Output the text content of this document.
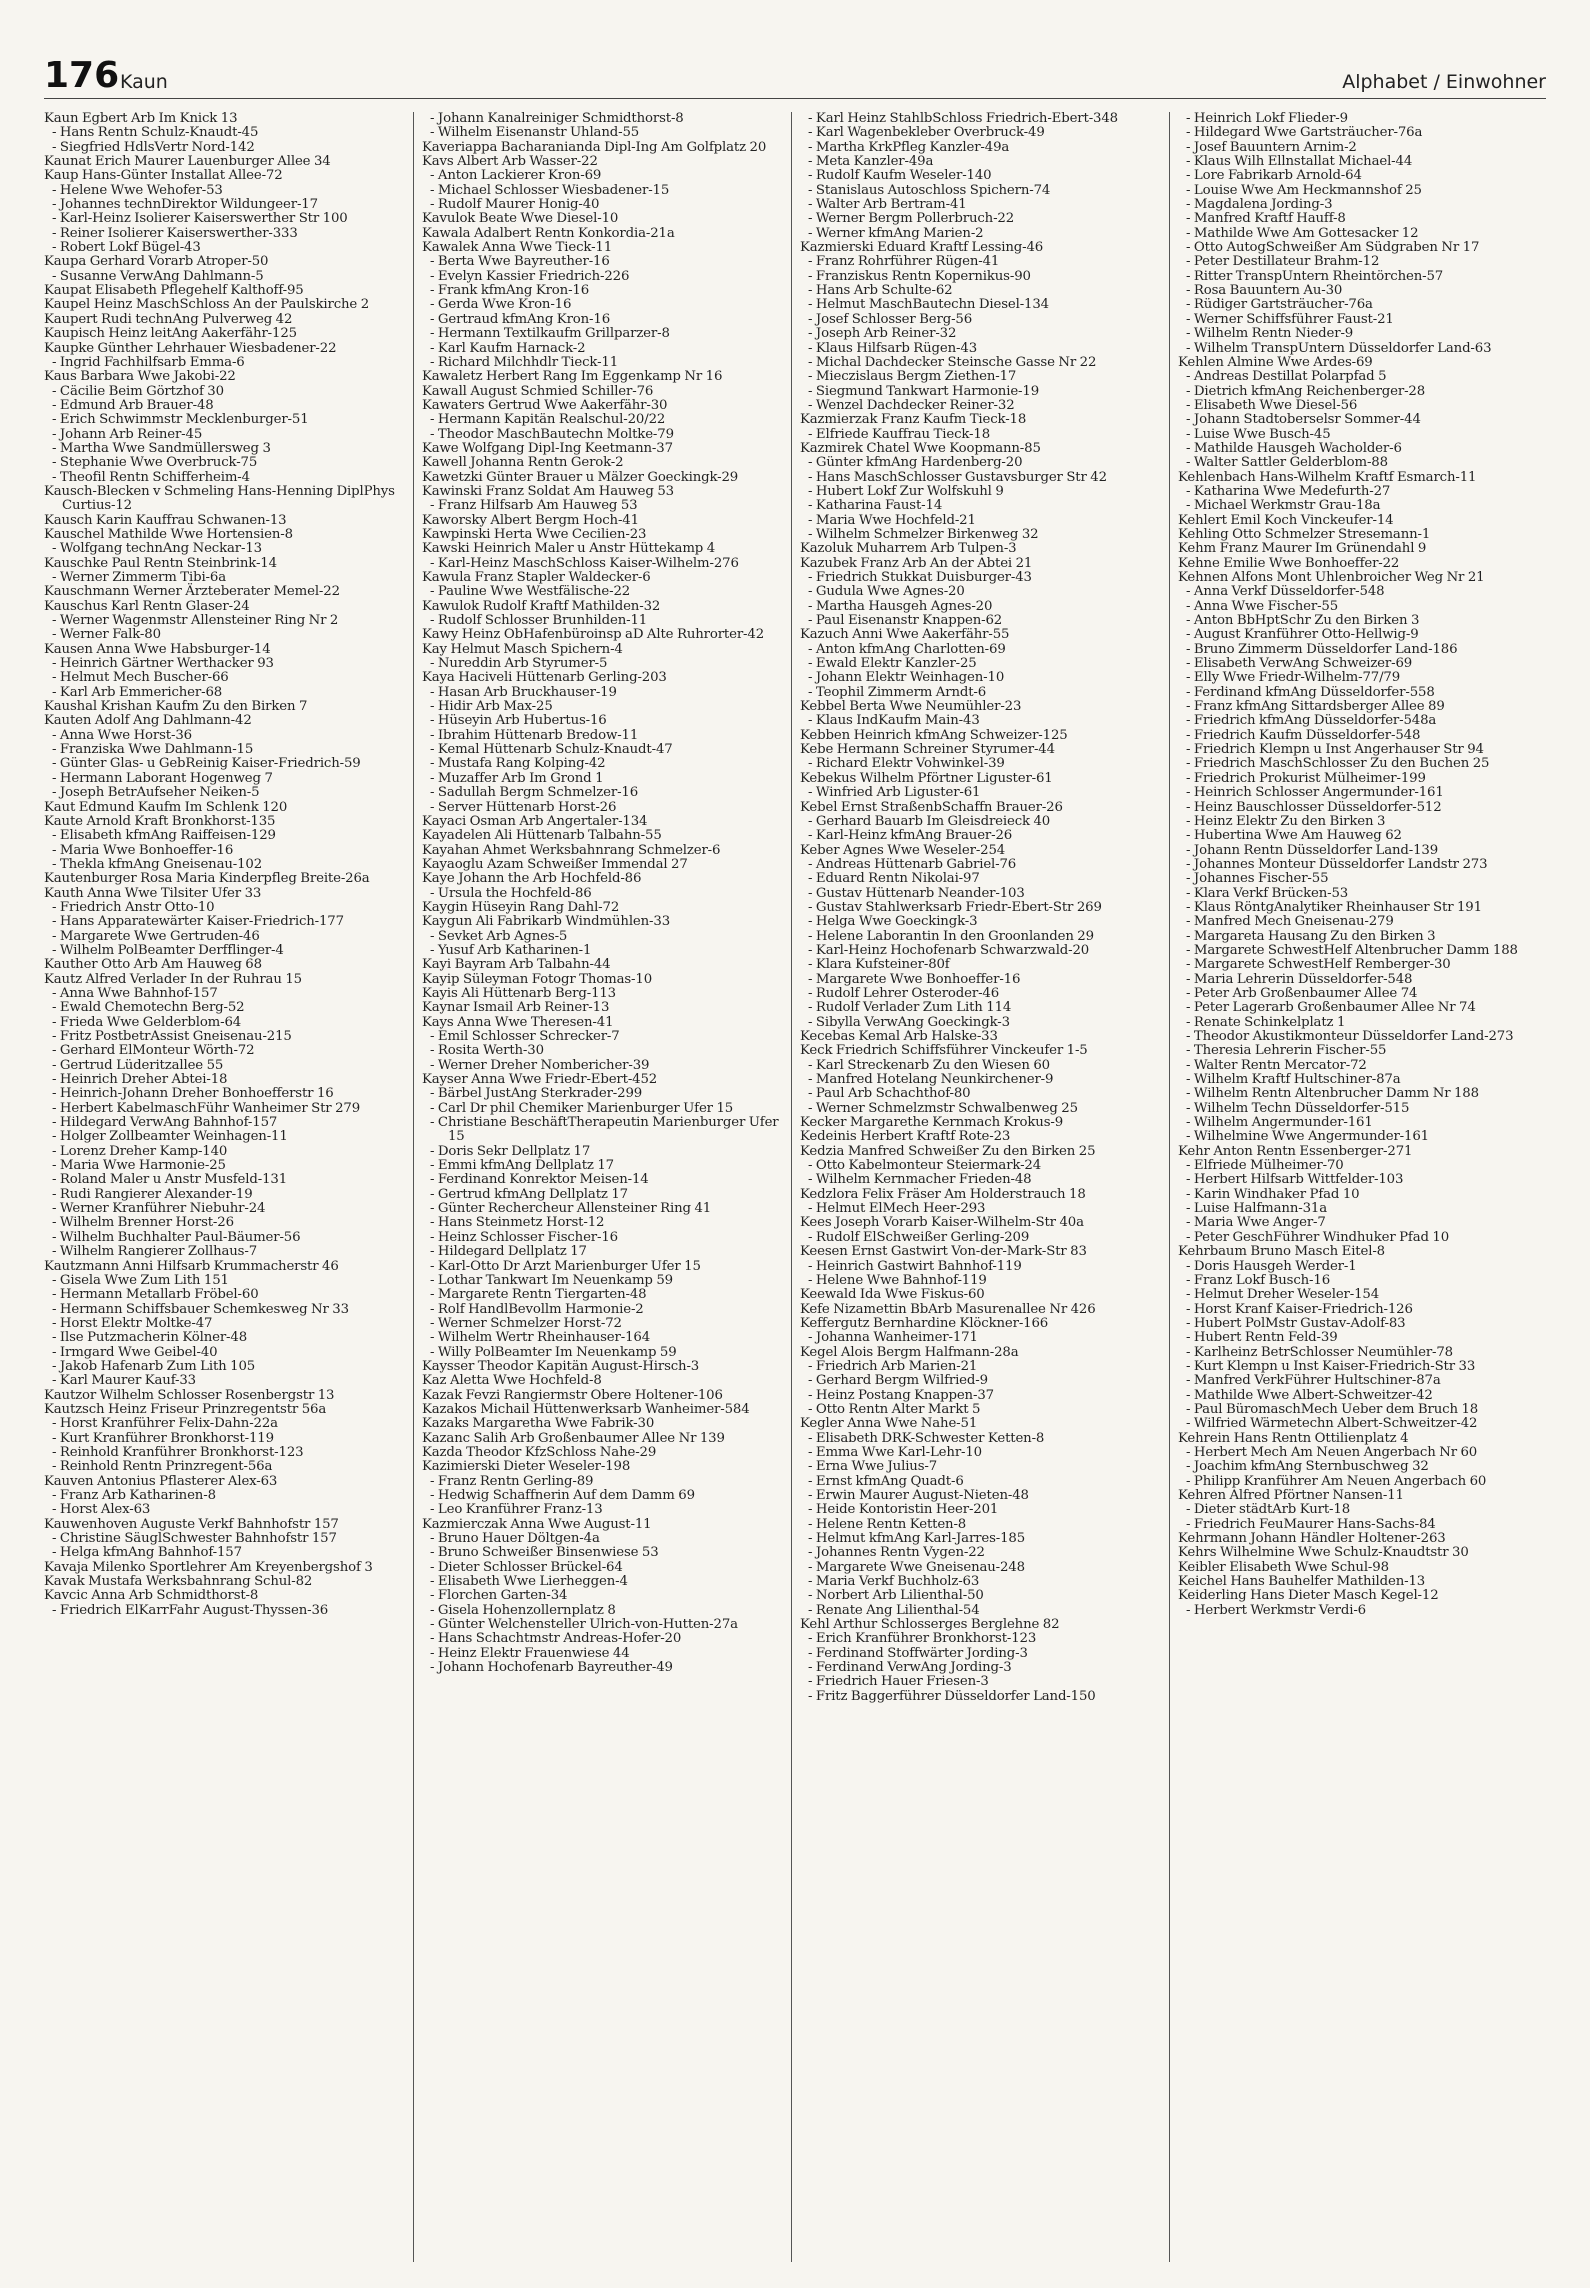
176 Kaun	Alphabet / Einwohner
Kaun Egbert Arb Im Knick 13
- Hans Rentn Schulz-Knaudt-45
- Siegfried HdlsVertr Nord-142
Kaunat Erich Maurer Lauenburger Allee 34
Kaup Hans-Günter Installat Allee-72
- Helene Wwe Wehofer-53
- Johannes technDirektor Wildungeer-17
- Karl-Heinz Isolierer Kaiserswerther Str 100
- Reiner Isolierer Kaiserswerther-333
- Robert Lokf Bügel-43
Kaupa Gerhard Vorarb Atroper-50
- Susanne VerwAng Dahlmann-5
Kaupat Elisabeth Pflegehelf Kalthoff-95
Kaupel Heinz MaschSchloss An der Paulskirche 2
Kaupert Rudi technAng Pulverweg 42
Kaupisch Heinz leitAng Aakerfähr-125
Kaupke Günther Lehrhauer Wiesbadener-22
- Ingrid Fachhilfsarb Emma-6
Kaus Barbara Wwe Jakobi-22
- Cäcilie Beim Görtzhof 30
- Edmund Arb Brauer-48
- Erich Schwimmstr Mecklenburger-51
- Johann Arb Reiner-45
- Martha Wwe Sandmüllersweg 3
- Stephanie Wwe Overbruck-75
- Theofil Rentn Schifferheim-4
Kausch-Blecken v Schmeling Hans-Henning DiplPhys Curtius-12
Kausch Karin Kauffrau Schwanen-13
Kauschel Mathilde Wwe Hortensien-8
- Wolfgang technAng Neckar-13
Kauschke Paul Rentn Steinbrink-14
- Werner Zimmerm Tibi-6a
Kauschmann Werner Ärzteberater Memel-22
Kauschus Karl Rentn Glaser-24
- Werner Wagenmstr Allensteiner Ring Nr 2
- Werner Falk-80
Kausen Anna Wwe Habsburger-14
- Heinrich Gärtner Werthacker 93
- Helmut Mech Buscher-66
- Karl Arb Emmericher-68
Kaushal Krishan Kaufm Zu den Birken 7
Kauten Adolf Ang Dahlmann-42
- Anna Wwe Horst-36
- Franziska Wwe Dahlmann-15
- Günter Glas- u GebReinig Kaiser-Friedrich-59
- Hermann Laborant Hogenweg 7
- Joseph BetrAufseher Neiken-5
Kaut Edmund Kaufm Im Schlenk 120
Kaute Arnold Kraft Bronkhorst-135
- Elisabeth kfmAng Raiffeisen-129
- Maria Wwe Bonhoeffer-16
- Thekla kfmAng Gneisenau-102
Kautenburger Rosa Maria Kinderpfleg Breite-26a
Kauth Anna Wwe Tilsiter Ufer 33
- Friedrich Anstr Otto-10
- Hans Apparatewärter Kaiser-Friedrich-177
- Margarete Wwe Gertruden-46
- Wilhelm PolBeamter Derfflinger-4
Kauther Otto Arb Am Hauweg 68
Kautz Alfred Verlader In der Ruhrau 15
- Anna Wwe Bahnhof-157
- Ewald Chemotechn Berg-52
- Frieda Wwe Gelderblom-64
- Fritz PostbetrAssist Gneisenau-215
- Gerhard ElMonteur Wörth-72
- Gertrud Lüderitzallee 55
- Heinrich Dreher Abtei-18
- Heinrich-Johann Dreher Bonhoefferstr 16
- Herbert KabelmaschFühr Wanheimer Str 279
- Hildegard VerwAng Bahnhof-157
- Holger Zollbeamter Weinhagen-11
- Lorenz Dreher Kamp-140
- Maria Wwe Harmonie-25
- Roland Maler u Anstr Musfeld-131
- Rudi Rangierer Alexander-19
- Werner Kranführer Niebuhr-24
- Wilhelm Brenner Horst-26
- Wilhelm Buchhalter Paul-Bäumer-56
- Wilhelm Rangierer Zollhaus-7
Kautzmann Anni Hilfsarb Krummacherstr 46
- Gisela Wwe Zum Lith 151
- Hermann Metallarb Fröbel-60
- Hermann Schiffsbauer Schemkesweg Nr 33
- Horst Elektr Moltke-47
- Ilse Putzmacherin Kölner-48
- Irmgard Wwe Geibel-40
- Jakob Hafenarb Zum Lith 105
- Karl Maurer Kauf-33
Kautzor Wilhelm Schlosser Rosenbergstr 13
Kautzsch Heinz Friseur Prinzregentstr 56a
- Horst Kranführer Felix-Dahn-22a
- Kurt Kranführer Bronkhorst-119
- Reinhold Kranführer Bronkhorst-123
- Reinhold Rentn Prinzregent-56a
Kauven Antonius Pflasterer Alex-63
- Franz Arb Katharinen-8
- Horst Alex-63
Kauwenhoven Auguste Verkf Bahnhofstr 157
- Christine SäuglSchwester Bahnhofstr 157
- Helga kfmAng Bahnhof-157
Kavaja Milenko Sportlehrer Am Kreyenbergshof 3
Kavak Mustafa Werksbahnrang Schul-82
Kavcic Anna Arb Schmidthorst-8
- Friedrich ElKarrFahr August-Thyssen-36
- Johann Kanalreiniger Schmidthorst-8
- Wilhelm Eisenanstr Uhland-55
Kaveriappa Bacharanianda Dipl-Ing Am Golfplatz 20
Kavs Albert Arb Wasser-22
- Anton Lackierer Kron-69
- Michael Schlosser Wiesbadener-15
- Rudolf Maurer Honig-40
Kavulok Beate Wwe Diesel-10
Kawala Adalbert Rentn Konkordia-21a
Kawalek Anna Wwe Tieck-11
- Berta Wwe Bayreuther-16
- Evelyn Kassier Friedrich-226
- Frank kfmAng Kron-16
- Gerda Wwe Kron-16
- Gertraud kfmAng Kron-16
- Hermann Textilkaufm Grillparzer-8
- Karl Kaufm Harnack-2
- Richard Milchhdlr Tieck-11
Kawaletz Herbert Rang Im Eggenkamp Nr 16
Kawall August Schmied Schiller-76
Kawaters Gertrud Wwe Aakerfähr-30
- Hermann Kapitän Realschul-20/22
- Theodor MaschBautechn Moltke-79
Kawe Wolfgang Dipl-Ing Keetmann-37
Kawell Johanna Rentn Gerok-2
Kawetzki Günter Brauer u Mälzer Goeckingk-29
Kawinski Franz Soldat Am Hauweg 53
- Franz Hilfsarb Am Hauweg 53
Kaworsky Albert Bergm Hoch-41
Kawpinski Herta Wwe Cecilien-23
Kawski Heinrich Maler u Anstr Hüttekamp 4
- Karl-Heinz MaschSchloss Kaiser-Wilhelm-276
Kawula Franz Stapler Waldecker-6
- Pauline Wwe Westfälische-22
Kawulok Rudolf Kraftf Mathilden-32
- Rudolf Schlosser Brunhilden-11
Kawy Heinz ObHafenbüroinsp aD Alte Ruhrorter-42
Kay Helmut Masch Spichern-4
- Nureddin Arb Styrumer-5
Kaya Haciveli Hüttenarb Gerling-203
- Hasan Arb Bruckhauser-19
- Hidir Arb Max-25
- Hüseyin Arb Hubertus-16
- Ibrahim Hüttenarb Bredow-11
- Kemal Hüttenarb Schulz-Knaudt-47
- Mustafa Rang Kolping-42
- Muzaffer Arb Im Grond 1
- Sadullah Bergm Schmelzer-16
- Server Hüttenarb Horst-26
Kayaci Osman Arb Angertaler-134
Kayadelen Ali Hüttenarb Talbahn-55
Kayahan Ahmet Werksbahnrang Schmelzer-6
Kayaoglu Azam Schweißer Immendal 27
Kaye Johann the Arb Hochfeld-86
- Ursula the Hochfeld-86
Kaygin Hüseyin Rang Dahl-72
Kaygun Ali Fabrikarb Windmühlen-33
- Sevket Arb Agnes-5
- Yusuf Arb Katharinen-1
Kayi Bayram Arb Talbahn-44
Kayip Süleyman Fotogr Thomas-10
Kayis Ali Hüttenarb Berg-113
Kaynar Ismail Arb Reiner-13
Kays Anna Wwe Theresen-41
- Emil Schlosser Schrecker-7
- Rosita Werth-30
- Werner Dreher Nombericher-39
Kayser Anna Wwe Friedr-Ebert-452
- Bärbel JustAng Sterkrader-299
- Carl Dr phil Chemiker Marienburger Ufer 15
- Christiane BeschäftTherapeutin Marienburger Ufer 15
- Doris Sekr Dellplatz 17
- Emmi kfmAng Dellplatz 17
- Ferdinand Konrektor Meisen-14
- Gertrud kfmAng Dellplatz 17
- Günter Rechercheur Allensteiner Ring 41
- Hans Steinmetz Horst-12
- Heinz Schlosser Fischer-16
- Hildegard Dellplatz 17
- Karl-Otto Dr Arzt Marienburger Ufer 15
- Lothar Tankwart Im Neuenkamp 59
- Margarete Rentn Tiergarten-48
- Rolf HandlBevollm Harmonie-2
- Werner Schmelzer Horst-72
- Wilhelm Wertr Rheinhauser-164
- Willy PolBeamter Im Neuenkamp 59
Kaysser Theodor Kapitän August-Hirsch-3
Kaz Aletta Wwe Hochfeld-8
Kazak Fevzi Rangiermstr Obere Holtener-106
Kazakos Michail Hüttenwerksarb Wanheimer-584
Kazaks Margaretha Wwe Fabrik-30
Kazanc Salih Arb Großenbaumer Allee Nr 139
Kazda Theodor KfzSchloss Nahe-29
Kazimierski Dieter Weseler-198
- Franz Rentn Gerling-89
- Hedwig Schaffnerin Auf dem Damm 69
- Leo Kranführer Franz-13
Kazmierczak Anna Wwe August-11
- Bruno Hauer Döltgen-4a
- Bruno Schweißer Binsenwiese 53
- Dieter Schlosser Brückel-64
- Elisabeth Wwe Lierheggen-4
- Florchen Garten-34
- Gisela Hohenzollernplatz 8
- Günter Welchensteller Ulrich-von-Hutten-27a
- Hans Schachtmstr Andreas-Hofer-20
- Heinz Elektr Frauenwiese 44
- Johann Hochofenarb Bayreuther-49
- Karl Heinz StahlbSchloss Friedrich-Ebert-348
- Karl Wagenbekleber Overbruck-49
- Martha KrkPfleg Kanzler-49a
- Meta Kanzler-49a
- Rudolf Kaufm Weseler-140
- Stanislaus Autoschloss Spichern-74
- Walter Arb Bertram-41
- Werner Bergm Pollerbruch-22
- Werner kfmAng Marien-2
Kazmierski Eduard Kraftf Lessing-46
- Franz Rohrführer Rügen-41
- Franziskus Rentn Kopernikus-90
- Hans Arb Schulte-62
- Helmut MaschBautechn Diesel-134
- Josef Schlosser Berg-56
- Joseph Arb Reiner-32
- Klaus Hilfsarb Rügen-43
- Michal Dachdecker Steinsche Gasse Nr 22
- Mieczislaus Bergm Ziethen-17
- Siegmund Tankwart Harmonie-19
- Wenzel Dachdecker Reiner-32
Kazmierzak Franz Kaufm Tieck-18
- Elfriede Kauffrau Tieck-18
Kazmirek Chatel Wwe Koopmann-85
- Günter kfmAng Hardenberg-20
- Hans MaschSchlosser Gustavsburger Str 42
- Hubert Lokf Zur Wolfskuhl 9
- Katharina Faust-14
- Maria Wwe Hochfeld-21
- Wilhelm Schmelzer Birkenweg 32
Kazoluk Muharrem Arb Tulpen-3
Kazubek Franz Arb An der Abtei 21
- Friedrich Stukkat Duisburger-43
- Gudula Wwe Agnes-20
- Martha Hausgeh Agnes-20
- Paul Eisenanstr Knappen-62
Kazuch Anni Wwe Aakerfähr-55
- Anton kfmAng Charlotten-69
- Ewald Elektr Kanzler-25
- Johann Elektr Weinhagen-10
- Teophil Zimmerm Arndt-6
Kebbel Berta Wwe Neumühler-23
- Klaus IndKaufm Main-43
Kebben Heinrich kfmAng Schweizer-125
Kebe Hermann Schreiner Styrumer-44
- Richard Elektr Vohwinkel-39
Kebekus Wilhelm Pförtner Liguster-61
- Winfried Arb Liguster-61
Kebel Ernst StraßenbSchaffn Brauer-26
- Gerhard Bauarb Im Gleisdreieck 40
- Karl-Heinz kfmAng Brauer-26
Keber Agnes Wwe Weseler-254
- Andreas Hüttenarb Gabriel-76
- Eduard Rentn Nikolai-97
- Gustav Hüttenarb Neander-103
- Gustav Stahlwerksarb Friedr-Ebert-Str 269
- Helga Wwe Goeckingk-3
- Helene Laborantin In den Groonlanden 29
- Karl-Heinz Hochofenarb Schwarzwald-20
- Klara Kufsteiner-80f
- Margarete Wwe Bonhoeffer-16
- Rudolf Lehrer Osteroder-46
- Rudolf Verlader Zum Lith 114
- Sibylla VerwAng Goeckingk-3
Kecebas Kemal Arb Halske-33
Keck Friedrich Schiffsführer Vinckeufer 1-5
- Karl Streckenarb Zu den Wiesen 60
- Manfred Hotelang Neunkirchener-9
- Paul Arb Schachthof-80
- Werner Schmelzmstr Schwalbenweg 25
Kecker Margarethe Kernmach Krokus-9
Kedeinis Herbert Kraftf Rote-23
Kedzia Manfred Schweißer Zu den Birken 25
- Otto Kabelmonteur Steiermark-24
- Wilhelm Kernmacher Frieden-48
Kedzlora Felix Fräser Am Holderstrauch 18
- Helmut ElMech Heer-293
Kees Joseph Vorarb Kaiser-Wilhelm-Str 40a
- Rudolf ElSchweißer Gerling-209
Keesen Ernst Gastwirt Von-der-Mark-Str 83
- Heinrich Gastwirt Bahnhof-119
- Helene Wwe Bahnhof-119
Keewald Ida Wwe Fiskus-60
Kefe Nizamettin BbArb Masurenallee Nr 426
Keffergutz Bernhardine Klöckner-166
- Johanna Wanheimer-171
Kegel Alois Bergm Halfmann-28a
- Friedrich Arb Marien-21
- Gerhard Bergm Wilfried-9
- Heinz Postang Knappen-37
- Otto Rentn Alter Markt 5
Kegler Anna Wwe Nahe-51
- Elisabeth DRK-Schwester Ketten-8
- Emma Wwe Karl-Lehr-10
- Erna Wwe Julius-7
- Ernst kfmAng Quadt-6
- Erwin Maurer August-Nieten-48
- Heide Kontoristin Heer-201
- Helene Rentn Ketten-8
- Helmut kfmAng Karl-Jarres-185
- Johannes Rentn Vygen-22
- Margarete Wwe Gneisenau-248
- Maria Verkf Buchholz-63
- Norbert Arb Lilienthal-50
- Renate Ang Lilienthal-54
Kehl Arthur Schlosserges Berglehne 82
- Erich Kranführer Bronkhorst-123
- Ferdinand Stoffwärter Jording-3
- Ferdinand VerwAng Jording-3
- Friedrich Hauer Friesen-3
- Fritz Baggerführer Düsseldorfer Land-150
- Heinrich Lokf Flieder-9
- Hildegard Wwe Gartsträucher-76a
- Josef Bauuntern Arnim-2
- Klaus Wilh Ellnstallat Michael-44
- Lore Fabrikarb Arnold-64
- Louise Wwe Am Heckmannshof 25
- Magdalena Jording-3
- Manfred Kraftf Hauff-8
- Mathilde Wwe Am Gottesacker 12
- Otto AutogSchweißer Am Südgraben Nr 17
- Peter Destillateur Brahm-12
- Ritter TranspUntern Rheintörchen-57
- Rosa Bauuntern Au-30
- Rüdiger Gartsträucher-76a
- Werner Schiffsführer Faust-21
- Wilhelm Rentn Nieder-9
- Wilhelm TranspUntern Düsseldorfer Land-63
Kehlen Almine Wwe Ardes-69
- Andreas Destillat Polarpfad 5
- Dietrich kfmAng Reichenberger-28
- Elisabeth Wwe Diesel-56
- Johann Stadtoberselsr Sommer-44
- Luise Wwe Busch-45
- Mathilde Hausgeh Wacholder-6
- Walter Sattler Gelderblom-88
Kehlenbach Hans-Wilhelm Kraftf Esmarch-11
- Katharina Wwe Medefurth-27
- Michael Werkmstr Grau-18a
Kehlert Emil Koch Vinckeufer-14
Kehling Otto Schmelzer Stresemann-1
Kehm Franz Maurer Im Grünendahl 9
Kehne Emilie Wwe Bonhoeffer-22
Kehnen Alfons Mont Uhlenbroicher Weg Nr 21
- Anna Verkf Düsseldorfer-548
- Anna Wwe Fischer-55
- Anton BbHptSchr Zu den Birken 3
- August Kranführer Otto-Hellwig-9
- Bruno Zimmerm Düsseldorfer Land-186
- Elisabeth VerwAng Schweizer-69
- Elly Wwe Friedr-Wilhelm-77/79
- Ferdinand kfmAng Düsseldorfer-558
- Franz kfmAng Sittardsberger Allee 89
- Friedrich kfmAng Düsseldorfer-548a
- Friedrich Kaufm Düsseldorfer-548
- Friedrich Klempn u Inst Angerhauser Str 94
- Friedrich MaschSchlosser Zu den Buchen 25
- Friedrich Prokurist Mülheimer-199
- Heinrich Schlosser Angermunder-161
- Heinz Bauschlosser Düsseldorfer-512
- Heinz Elektr Zu den Birken 3
- Hubertina Wwe Am Hauweg 62
- Johann Rentn Düsseldorfer Land-139
- Johannes Monteur Düsseldorfer Landstr 273
- Johannes Fischer-55
- Klara Verkf Brücken-53
- Klaus RöntgAnalytiker Rheinhauser Str 191
- Manfred Mech Gneisenau-279
- Margareta Hausang Zu den Birken 3
- Margarete SchwestHelf Altenbrucher Damm 188
- Margarete SchwestHelf Remberger-30
- Maria Lehrerin Düsseldorfer-548
- Peter Arb Großenbaumer Allee 74
- Peter Lagerarb Großenbaumer Allee Nr 74
- Renate Schinkelplatz 1
- Theodor Akustikmonteur Düsseldorfer Land-273
- Theresia Lehrerin Fischer-55
- Walter Rentn Mercator-72
- Wilhelm Kraftf Hultschiner-87a
- Wilhelm Rentn Altenbrucher Damm Nr 188
- Wilhelm Techn Düsseldorfer-515
- Wilhelm Angermunder-161
- Wilhelmine Wwe Angermunder-161
Kehr Anton Rentn Essenberger-271
- Elfriede Mülheimer-70
- Herbert Hilfsarb Wittfelder-103
- Karin Windhaker Pfad 10
- Luise Halfmann-31a
- Maria Wwe Anger-7
- Peter GeschFührer Windhuker Pfad 10
Kehrbaum Bruno Masch Eitel-8
- Doris Hausgeh Werder-1
- Franz Lokf Busch-16
- Helmut Dreher Weseler-154
- Horst Kranf Kaiser-Friedrich-126
- Hubert PolMstr Gustav-Adolf-83
- Hubert Rentn Feld-39
- Karlheinz BetrSchlosser Neumühler-78
- Kurt Klempn u Inst Kaiser-Friedrich-Str 33
- Manfred VerkFührer Hultschiner-87a
- Mathilde Wwe Albert-Schweitzer-42
- Paul BüromaschMech Ueber dem Bruch 18
- Wilfried Wärmetechn Albert-Schweitzer-42
Kehrein Hans Rentn Ottilienplatz 4
- Herbert Mech Am Neuen Angerbach Nr 60
- Joachim kfmAng Sternbuschweg 32
- Philipp Kranführer Am Neuen Angerbach 60
Kehren Alfred Pförtner Nansen-11
- Dieter städtArb Kurt-18
- Friedrich FeuMaurer Hans-Sachs-84
Kehrmann Johann Händler Holtener-263
Kehrs Wilhelmine Wwe Schulz-Knaudtstr 30
Keibler Elisabeth Wwe Schul-98
Keichel Hans Bauhelfer Mathilden-13
Keiderling Hans Dieter Masch Kegel-12
- Herbert Werkmstr Verdi-6
